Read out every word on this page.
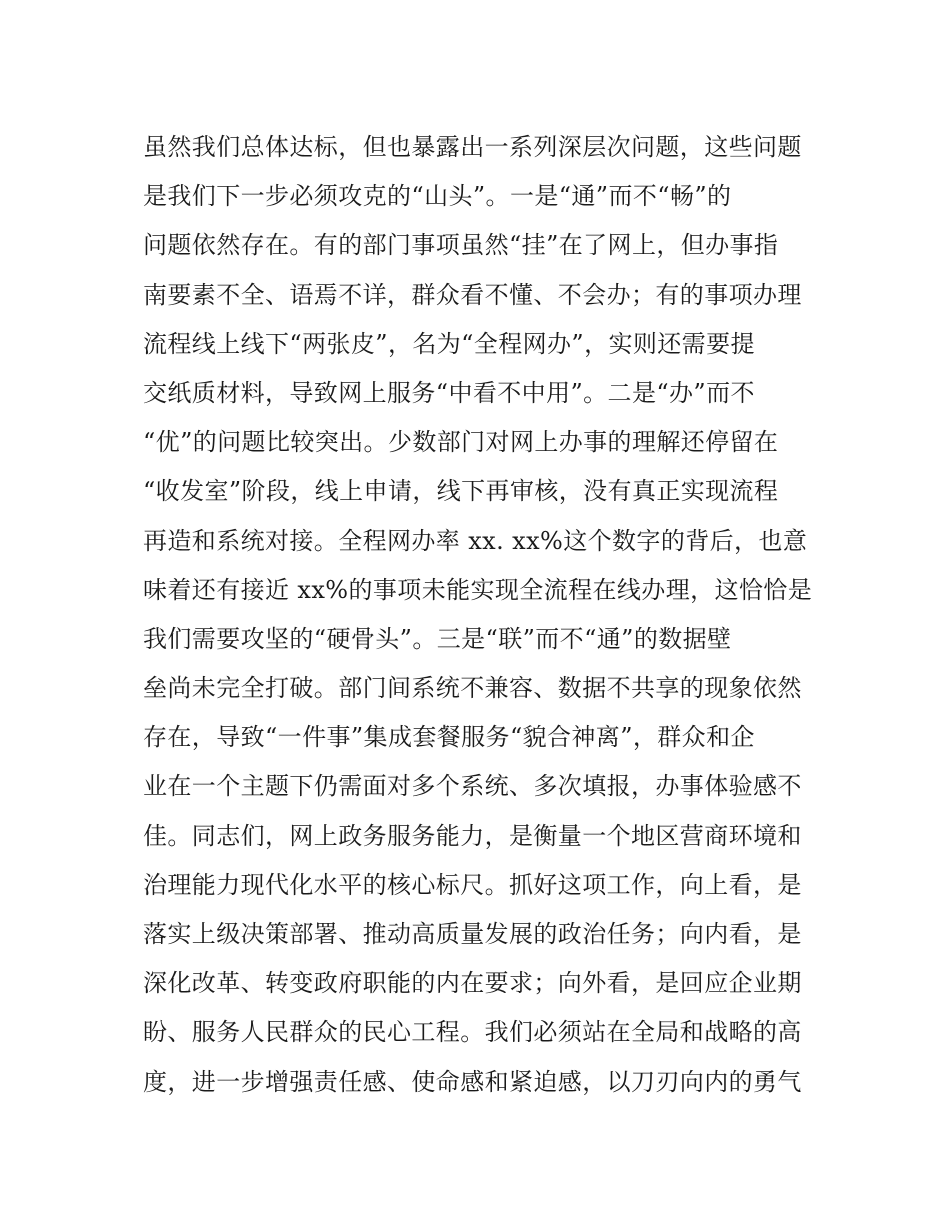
虽然我们总体达标，但也暴露出一系列深层次问题，这些问题
是我们下一步必须攻克的“山头”。一是“通”而不“畅”的
问题依然存在。有的部门事项虽然“挂”在了网上，但办事指
南要素不全、语焉不详，群众看不懂、不会办；有的事项办理
流程线上线下“两张皮”，名为“全程网办”，实则还需要提
交纸质材料，导致网上服务“中看不中用”。二是“办”而不
“优”的问题比较突出。少数部门对网上办事的理解还停留在
“收发室”阶段，线上申请，线下再审核，没有真正实现流程
再造和系统对接。全程网办率 xx. xx%这个数字的背后，也意
味着还有接近 xx%的事项未能实现全流程在线办理，这恰恰是
我们需要攻坚的“硬骨头”。三是“联”而不“通”的数据壁
垒尚未完全打破。部门间系统不兼容、数据不共享的现象依然
存在，导致“一件事”集成套餐服务“貌合神离”，群众和企
业在一个主题下仍需面对多个系统、多次填报，办事体验感不
佳。同志们，网上政务服务能力，是衡量一个地区营商环境和
治理能力现代化水平的核心标尺。抓好这项工作，向上看，是
落实上级决策部署、推动高质量发展的政治任务；向内看，是
深化改革、转变政府职能的内在要求；向外看，是回应企业期
盼、服务人民群众的民心工程。我们必须站在全局和战略的高
度，进一步增强责任感、使命感和紧迫感，以刀刃向内的勇气
